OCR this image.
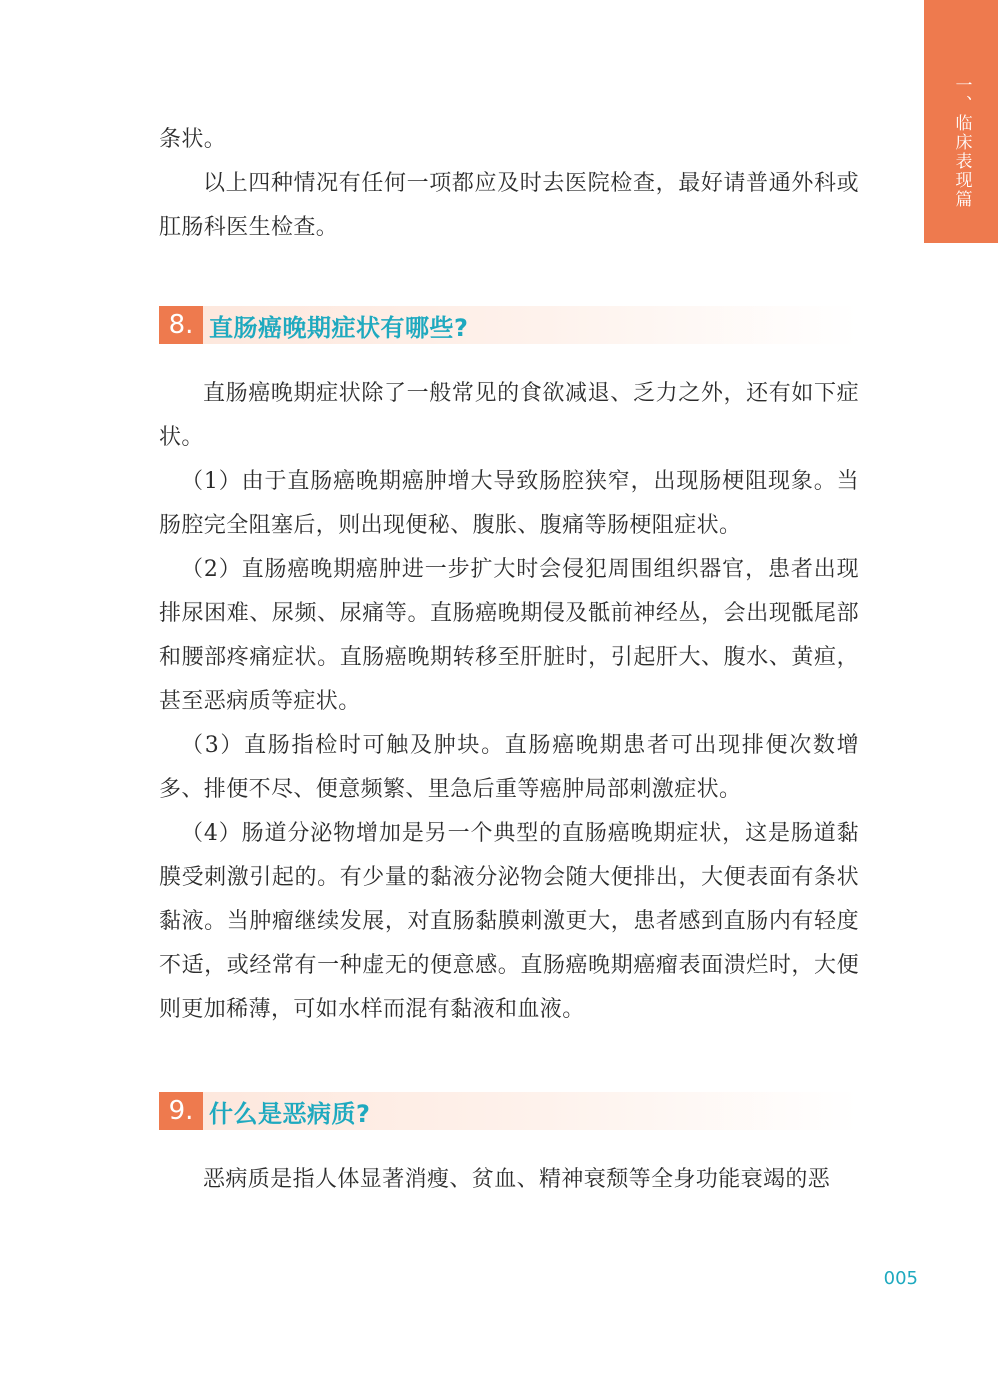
一、临床表现篇

条状。

以上四种情况有任何一项都应及时去医院检查，最好请普通外科或肛肠科医生检查。

8. 直肠癌晚期症状有哪些?

直肠癌晚期症状除了一般常见的食欲减退、乏力之外，还有如下症状。

（1）由于直肠癌晚期癌肿增大导致肠腔狭窄，出现肠梗阻现象。当肠腔完全阻塞后，则出现便秘、腹胀、腹痛等肠梗阻症状。

（2）直肠癌晚期癌肿进一步扩大时会侵犯周围组织器官，患者出现排尿困难、尿频、尿痛等。直肠癌晚期侵及骶前神经丛，会出现骶尾部和腰部疼痛症状。直肠癌晚期转移至肝脏时，引起肝大、腹水、黄疸，甚至恶病质等症状。

（3）直肠指检时可触及肿块。直肠癌晚期患者可出现排便次数增多、排便不尽、便意频繁、里急后重等癌肿局部刺激症状。

（4）肠道分泌物增加是另一个典型的直肠癌晚期症状，这是肠道黏膜受刺激引起的。有少量的黏液分泌物会随大便排出，大便表面有条状黏液。当肿瘤继续发展，对直肠黏膜刺激更大，患者感到直肠内有轻度不适，或经常有一种虚无的便意感。直肠癌晚期癌瘤表面溃烂时，大便则更加稀薄，可如水样而混有黏液和血液。

9. 什么是恶病质?

恶病质是指人体显著消瘦、贫血、精神衰颓等全身功能衰竭的恶

005
